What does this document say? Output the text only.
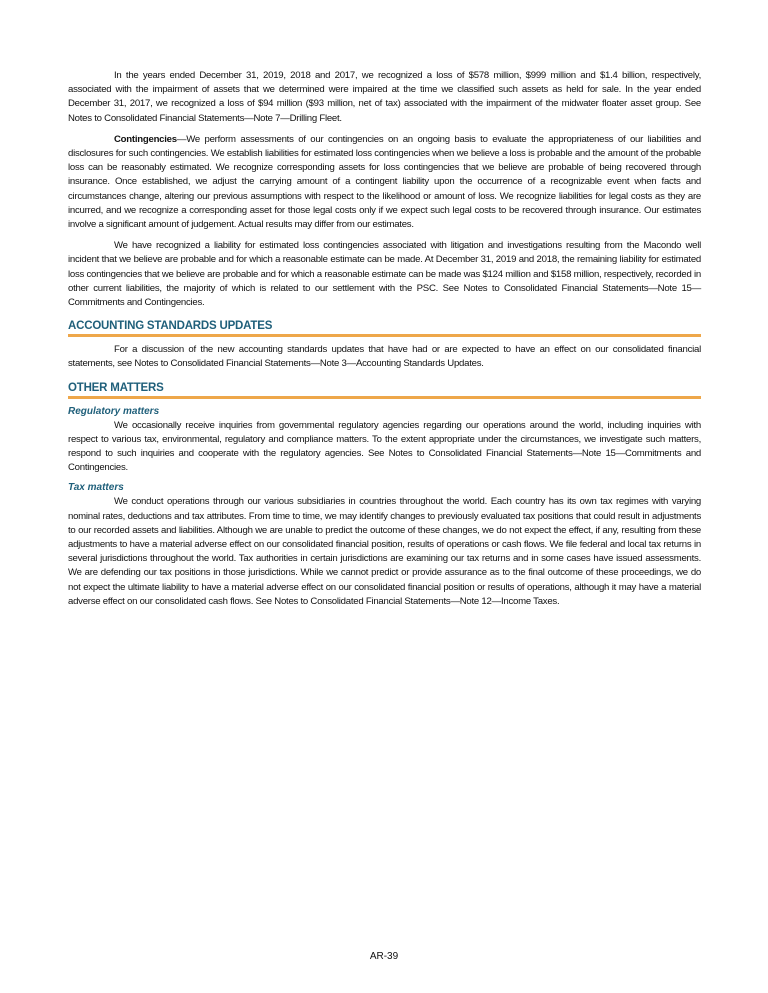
In the years ended December 31, 2019, 2018 and 2017, we recognized a loss of $578 million, $999 million and $1.4 billion, respectively, associated with the impairment of assets that we determined were impaired at the time we classified such assets as held for sale. In the year ended December 31, 2017, we recognized a loss of $94 million ($93 million, net of tax) associated with the impairment of the midwater floater asset group. See Notes to Consolidated Financial Statements—Note 7—Drilling Fleet.

Contingencies—We perform assessments of our contingencies on an ongoing basis to evaluate the appropriateness of our liabilities and disclosures for such contingencies. We establish liabilities for estimated loss contingencies when we believe a loss is probable and the amount of the probable loss can be reasonably estimated. We recognize corresponding assets for loss contingencies that we believe are probable of being recovered through insurance. Once established, we adjust the carrying amount of a contingent liability upon the occurrence of a recognizable event when facts and circumstances change, altering our previous assumptions with respect to the likelihood or amount of loss. We recognize liabilities for legal costs as they are incurred, and we recognize a corresponding asset for those legal costs only if we expect such legal costs to be recovered through insurance. Our estimates involve a significant amount of judgement. Actual results may differ from our estimates.

We have recognized a liability for estimated loss contingencies associated with litigation and investigations resulting from the Macondo well incident that we believe are probable and for which a reasonable estimate can be made. At December 31, 2019 and 2018, the remaining liability for estimated loss contingencies that we believe are probable and for which a reasonable estimate can be made was $124 million and $158 million, respectively, recorded in other current liabilities, the majority of which is related to our settlement with the PSC. See Notes to Consolidated Financial Statements—Note 15—Commitments and Contingencies.

ACCOUNTING STANDARDS UPDATES

For a discussion of the new accounting standards updates that have had or are expected to have an effect on our consolidated financial statements, see Notes to Consolidated Financial Statements—Note 3—Accounting Standards Updates.

OTHER MATTERS
Regulatory matters

We occasionally receive inquiries from governmental regulatory agencies regarding our operations around the world, including inquiries with respect to various tax, environmental, regulatory and compliance matters. To the extent appropriate under the circumstances, we investigate such matters, respond to such inquiries and cooperate with the regulatory agencies. See Notes to Consolidated Financial Statements—Note 15—Commitments and Contingencies.

Tax matters

We conduct operations through our various subsidiaries in countries throughout the world. Each country has its own tax regimes with varying nominal rates, deductions and tax attributes. From time to time, we may identify changes to previously evaluated tax positions that could result in adjustments to our recorded assets and liabilities. Although we are unable to predict the outcome of these changes, we do not expect the effect, if any, resulting from these adjustments to have a material adverse effect on our consolidated financial position, results of operations or cash flows. We file federal and local tax returns in several jurisdictions throughout the world. Tax authorities in certain jurisdictions are examining our tax returns and in some cases have issued assessments. We are defending our tax positions in those jurisdictions. While we cannot predict or provide assurance as to the final outcome of these proceedings, we do not expect the ultimate liability to have a material adverse effect on our consolidated financial position or results of operations, although it may have a material adverse effect on our consolidated cash flows. See Notes to Consolidated Financial Statements—Note 12—Income Taxes.

AR-39
